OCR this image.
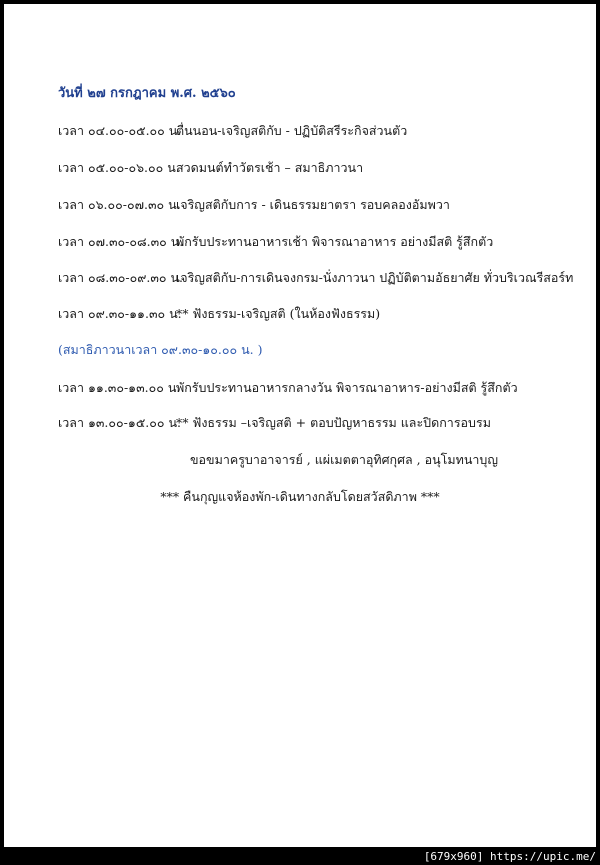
วันที่ ๒๗ กรกฎาคม พ.ศ. ๒๕๖๐
เวลา ๐๔.๐๐-๐๕.๐๐ น.ตื่นนอน-เจริญสติกับ - ปฏิบัติสรีระกิจส่วนตัว
เวลา ๐๕.๐๐-๐๖.๐๐ น.สวดมนต์ทำวัตรเช้า – สมาธิภาวนา
เวลา ๐๖.๐๐-๐๗.๓๐ น.เจริญสติกับการ - เดินธรรมยาตรา รอบคลองอัมพวา
เวลา ๐๗.๓๐-๐๘.๓๐ น.พักรับประทานอาหารเช้า พิจารณาอาหาร อย่างมีสติ รู้สึกตัว
เวลา ๐๘.๓๐-๐๙.๓๐ น.เจริญสติกับ-การเดินจงกรม-นั่งภาวนา ปฏิบัติตามอัธยาศัย ทั่วบริเวณรีสอร์ท
เวลา ๐๙.๓๐-๑๑.๓๐ น.** ฟังธรรม-เจริญสติ (ในห้องฟังธรรม)
(สมาธิภาวนาเวลา ๐๙.๓๐-๑๐.๐๐ น. )
เวลา ๑๑.๓๐-๑๓.๐๐ น.พักรับประทานอาหารกลางวัน พิจารณาอาหาร-อย่างมีสติ รู้สึกตัว
เวลา ๑๓.๐๐-๑๕.๐๐ น.** ฟังธรรม –เจริญสติ + ตอบปัญหาธรรม และปิดการอบรม
ขอขมาครูบาอาจารย์ , แผ่เมตตาอุทิศกุศล , อนุโมทนาบุญ
*** คืนกุญแจห้องพัก-เดินทางกลับโดยสวัสดิภาพ ***
[679x960] https://upic.me/
